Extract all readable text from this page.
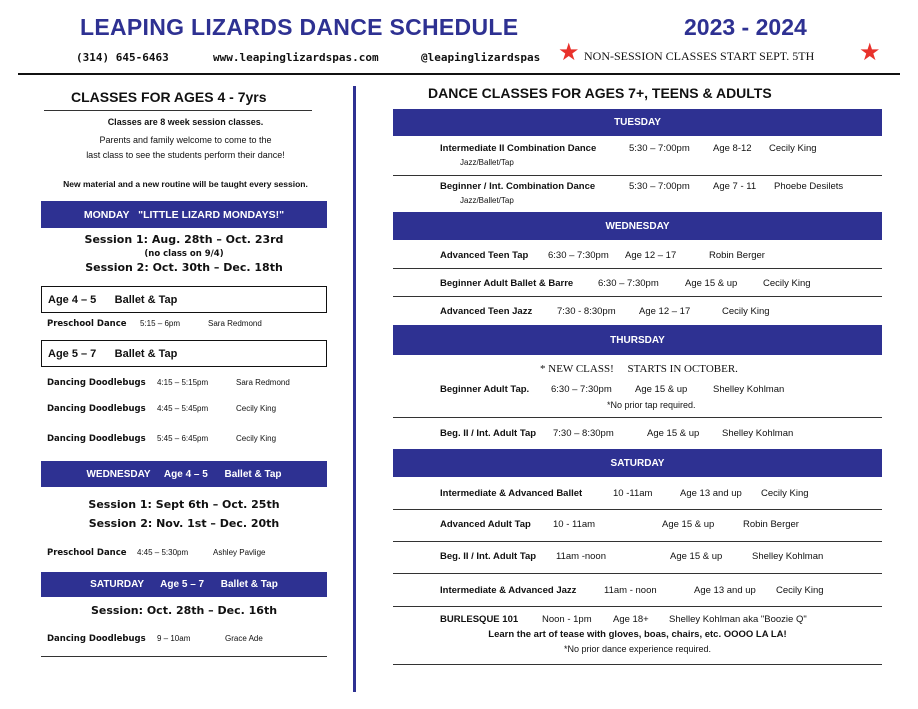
LEAPING LIZARDS DANCE SCHEDULE	2023 - 2024
(314) 645-6463	www.leapinglizardspas.com	@leapinglizardspas ★ NON-SESSION CLASSES START SEPT. 5TH ★
CLASSES FOR AGES 4 - 7yrs
Classes are 8 week session classes.
Parents and family welcome to come to the
last class to see the students perform their dance!
New material and a new routine will be taught every session.
MONDAY   "LITTLE LIZARD MONDAYS!"
Session 1: Aug. 28th – Oct. 23rd
(no class on 9/4)
Session 2: Oct. 30th – Dec. 18th
Age 4 – 5      Ballet & Tap
Preschool Dance 5:15 – 6pm	Sara Redmond
Age 5 – 7      Ballet & Tap
Dancing Doodlebugs 4:15 – 5:15pm	Sara Redmond
Dancing Doodlebugs 4:45 – 5:45pm	Cecily King
Dancing Doodlebugs 5:45 – 6:45pm	Cecily King
WEDNESDAY     Age 4 – 5      Ballet & Tap
Session 1: Sept 6th – Oct. 25th
Session 2: Nov. 1st – Dec. 20th
Preschool Dance 4:45 – 5:30pm	Ashley Pavlige
SATURDAY      Age 5 – 7      Ballet & Tap
Session: Oct. 28th – Dec. 16th
Dancing Doodlebugs 9 – 10am	Grace Ade
DANCE CLASSES FOR AGES 7+, TEENS & ADULTS
TUESDAY
Intermediate II Combination Dance	5:30 – 7:00pm Age 8-12 Cecily King
Jazz/Ballet/Tap
Beginner / Int. Combination Dance	5:30 – 7:00pm Age 7 - 11 Phoebe Desilets
Jazz/Ballet/Tap
WEDNESDAY
Advanced Teen Tap 6:30 – 7:30pm Age 12 – 17	Robin Berger
Beginner Adult Ballet & Barre	6:30 – 7:30pm	Age 15 & up	Cecily King
Advanced Teen Jazz	7:30 - 8:30pm Age 12 – 17	Cecily King
THURSDAY
* NEW CLASS!     STARTS IN OCTOBER.
Beginner Adult Tap. 6:30 – 7:30pm Age 15 & up	Shelley Kohlman
*No prior tap required.
Beg. II / Int. Adult Tap 7:30 – 8:30pm	Age 15 & up Shelley Kohlman
SATURDAY
Intermediate & Advanced Ballet	10 -11am	Age 13 and up Cecily King
Advanced Adult Tap 10 - 11am	Age 15 & up	Robin Berger
Beg. II / Int. Adult Tap 11am -noon	Age 15 & up	Shelley Kohlman
Intermediate & Advanced Jazz	11am - noon	Age 13 and up Cecily King
BURLESQUE 101	Noon - 1pm Age 18+ Shelley Kohlman aka "Boozie Q"
Learn the art of tease with gloves, boas, chairs, etc. OOOO LA LA!
*No prior dance experience required.
